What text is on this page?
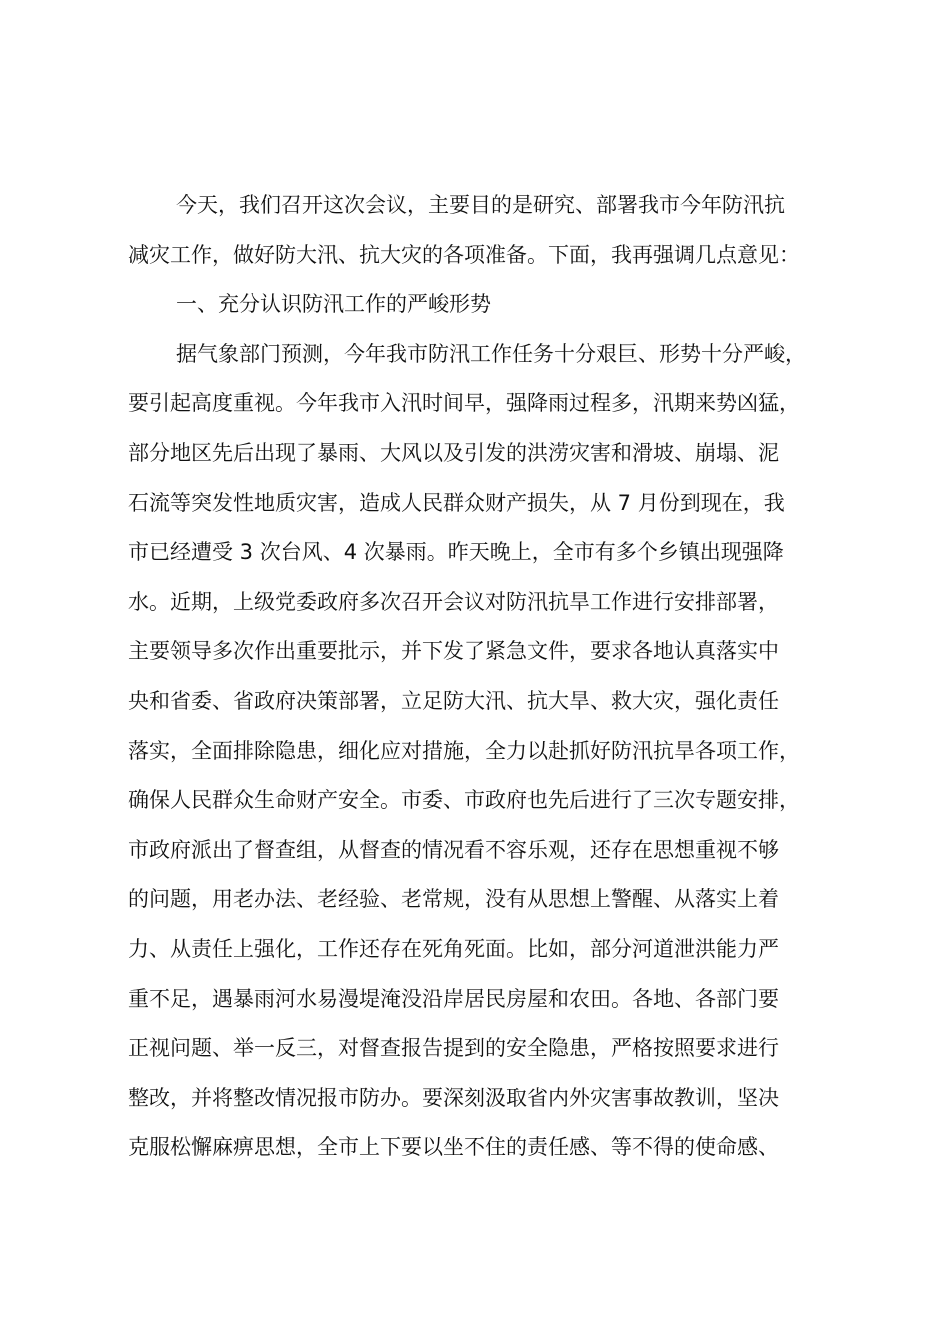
今天，我们召开这次会议，主要目的是研究、部署我市今年防汛抗

减灾工作，做好防大汛、抗大灾的各项准备。下面，我再强调几点意见：

一、充分认识防汛工作的严峻形势

据气象部门预测，今年我市防汛工作任务十分艰巨、形势十分严峻，

要引起高度重视。今年我市入汛时间早，强降雨过程多，汛期来势凶猛，

部分地区先后出现了暴雨、大风以及引发的洪涝灾害和滑坡、崩塌、泥

石流等突发性地质灾害，造成人民群众财产损失，从 7 月份到现在，我

市已经遭受 3 次台风、4 次暴雨。昨天晚上，全市有多个乡镇出现强降

水。近期，上级党委政府多次召开会议对防汛抗旱工作进行安排部署，

主要领导多次作出重要批示，并下发了紧急文件，要求各地认真落实中

央和省委、省政府决策部署，立足防大汛、抗大旱、救大灾，强化责任

落实，全面排除隐患，细化应对措施，全力以赴抓好防汛抗旱各项工作，

确保人民群众生命财产安全。市委、市政府也先后进行了三次专题安排，

市政府派出了督查组，从督查的情况看不容乐观，还存在思想重视不够

的问题，用老办法、老经验、老常规，没有从思想上警醒、从落实上着

力、从责任上强化，工作还存在死角死面。比如，部分河道泄洪能力严

重不足，遇暴雨河水易漫堤淹没沿岸居民房屋和农田。各地、各部门要

正视问题、举一反三，对督查报告提到的安全隐患，严格按照要求进行

整改，并将整改情况报市防办。要深刻汲取省内外灾害事故教训，坚决

克服松懈麻痹思想，全市上下要以坐不住的责任感、等不得的使命感、
